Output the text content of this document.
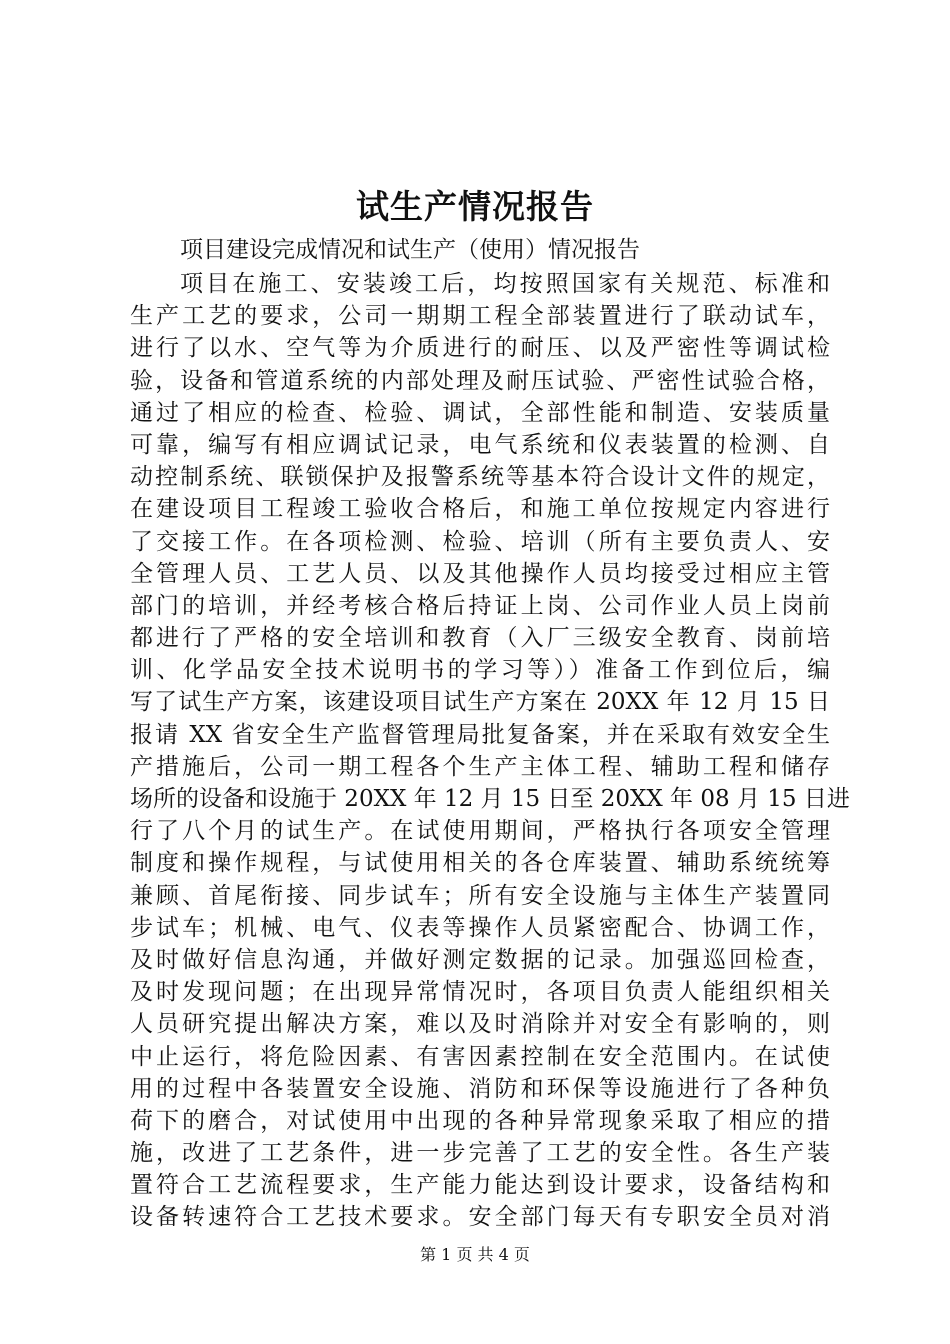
试生产情况报告
项目建设完成情况和试生产（使用）情况报告
项目在施工、安装竣工后，均按照国家有关规范、标准和
生产工艺的要求，公司一期期工程全部装置进行了联动试车，
进行了以水、空气等为介质进行的耐压、以及严密性等调试检
验，设备和管道系统的内部处理及耐压试验、严密性试验合格，
通过了相应的检查、检验、调试，全部性能和制造、安装质量
可靠，编写有相应调试记录，电气系统和仪表装置的检测、自
动控制系统、联锁保护及报警系统等基本符合设计文件的规定，
在建设项目工程竣工验收合格后，和施工单位按规定内容进行
了交接工作。在各项检测、检验、培训（所有主要负责人、安
全管理人员、工艺人员、以及其他操作人员均接受过相应主管
部门的培训，并经考核合格后持证上岗、公司作业人员上岗前
都进行了严格的安全培训和教育（入厂三级安全教育、岗前培
训、化学品安全技术说明书的学习等））准备工作到位后，编
写了试生产方案，该建设项目试生产方案在 20XX 年 12 月 15 日
报请 XX 省安全生产监督管理局批复备案，并在采取有效安全生
产措施后，公司一期工程各个生产主体工程、辅助工程和储存
场所的设备和设施于 20XX 年 12 月 15 日至 20XX 年 08 月 15 日进
行了八个月的试生产。在试使用期间，严格执行各项安全管理
制度和操作规程，与试使用相关的各仓库装置、辅助系统统筹
兼顾、首尾衔接、同步试车；所有安全设施与主体生产装置同
步试车；机械、电气、仪表等操作人员紧密配合、协调工作，
及时做好信息沟通，并做好测定数据的记录。加强巡回检查，
及时发现问题；在出现异常情况时，各项目负责人能组织相关
人员研究提出解决方案，难以及时消除并对安全有影响的，则
中止运行，将危险因素、有害因素控制在安全范围内。在试使
用的过程中各装置安全设施、消防和环保等设施进行了各种负
荷下的磨合，对试使用中出现的各种异常现象采取了相应的措
施，改进了工艺条件，进一步完善了工艺的安全性。各生产装
置符合工艺流程要求，生产能力能达到设计要求，设备结构和
设备转速符合工艺技术要求。安全部门每天有专职安全员对消
第 1 页 共 4 页
